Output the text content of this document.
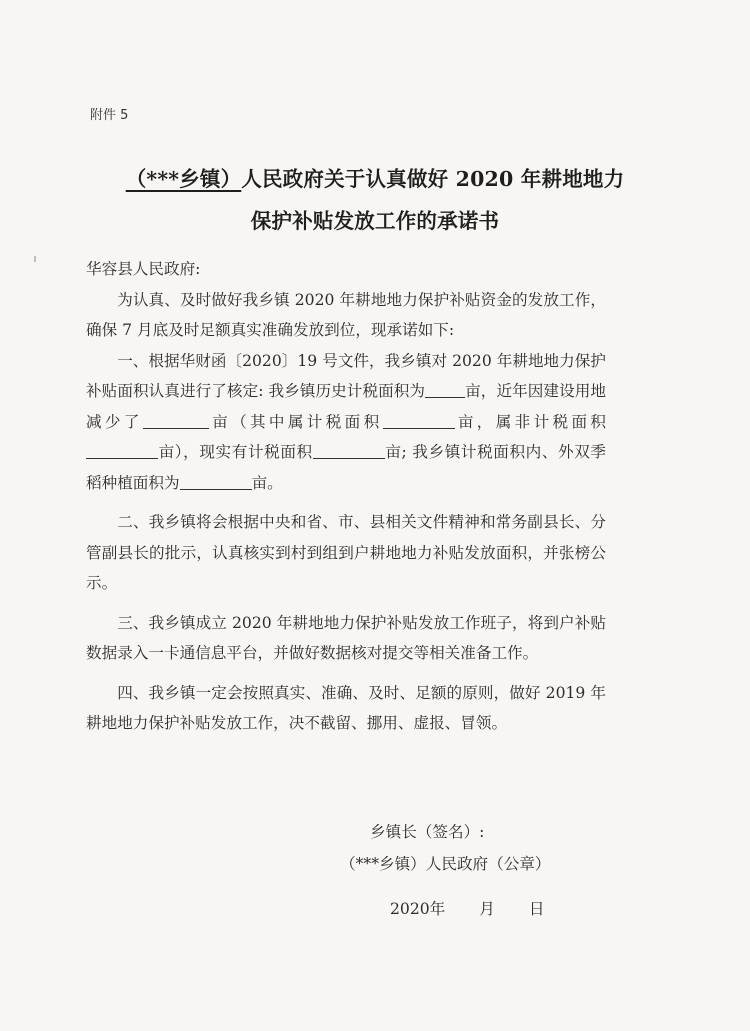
附件 5

（***乡镇）人民政府关于认真做好 2020 年耕地地力
保护补贴发放工作的承诺书

华容县人民政府:

为认真、及时做好我乡镇 2020 年耕地地力保护补贴资金的发放工作，确保 7 月底及时足额真实准确发放到位，现承诺如下:

一、根据华财函〔2020〕19 号文件，我乡镇对 2020 年耕地地力保护补贴面积认真进行了核定: 我乡镇历史计税面积为	亩，近年因建设用地减少了	亩（其中属计税面积	亩，属非计税面积亩），现实有计税面积	亩; 我乡镇计税面积内、外双季稻种植面积为	亩。

二、我乡镇将会根据中央和省、市、县相关文件精神和常务副县长、分管副县长的批示，认真核实到村到组到户耕地地力补贴发放面积，并张榜公示。

三、我乡镇成立 2020 年耕地地力保护补贴发放工作班子，将到户补贴数据录入一卡通信息平台，并做好数据核对提交等相关准备工作。

四、我乡镇一定会按照真实、准确、及时、足额的原则，做好 2019 年耕地地力保护补贴发放工作，决不截留、挪用、虚报、冒领。

乡镇长（签名）:

（***乡镇）人民政府（公章）

2020年 月 日
